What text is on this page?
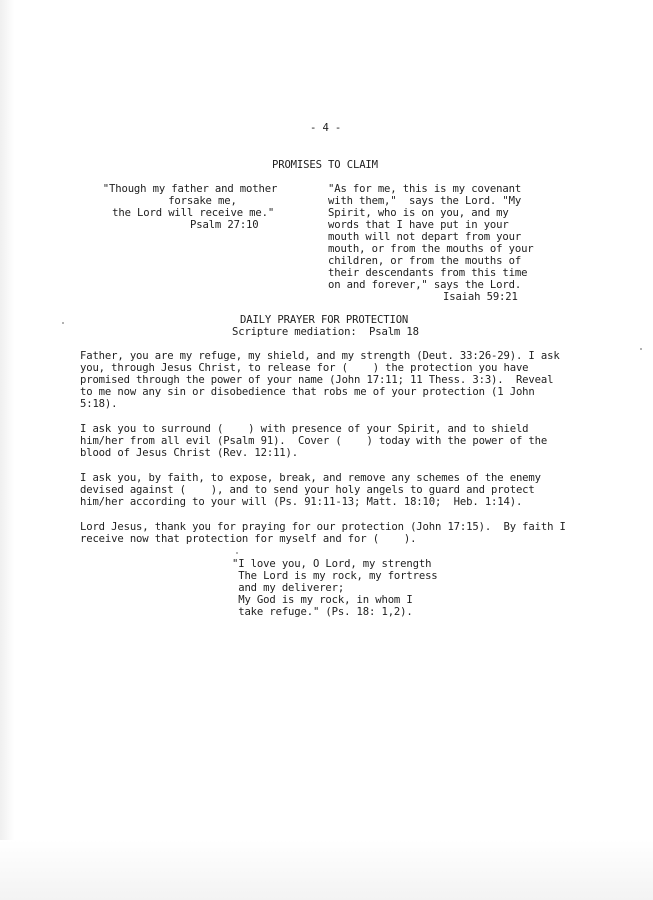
- 4 -
PROMISES TO CLAIM
"Though my father and mother
forsake me,
the Lord will receive me."
Psalm 27:10
"As for me, this is my covenant
with them,"  says the Lord. "My
Spirit, who is on you, and my
words that I have put in your
mouth will not depart from your
mouth, or from the mouths of your
children, or from the mouths of
their descendants from this time
on and forever," says the Lord.
Isaiah 59:21
DAILY PRAYER FOR PROTECTION
Scripture mediation:  Psalm 18
Father, you are my refuge, my shield, and my strength (Deut. 33:26-29). I ask
you, through Jesus Christ, to release for (    ) the protection you have
promised through the power of your name (John 17:11; 11 Thess. 3:3).  Reveal
to me now any sin or disobedience that robs me of your protection (1 John
5:18).
I ask you to surround (    ) with presence of your Spirit, and to shield
him/her from all evil (Psalm 91).  Cover (    ) today with the power of the
blood of Jesus Christ (Rev. 12:11).
I ask you, by faith, to expose, break, and remove any schemes of the enemy
devised against (    ), and to send your holy angels to guard and protect
him/her according to your will (Ps. 91:11-13; Matt. 18:10;  Heb. 1:14).
Lord Jesus, thank you for praying for our protection (John 17:15).  By faith I
receive now that protection for myself and for (    ).
"I love you, O Lord, my strength
The Lord is my rock, my fortress
and my deliverer;
My God is my rock, in whom I
take refuge." (Ps. 18: 1,2).
